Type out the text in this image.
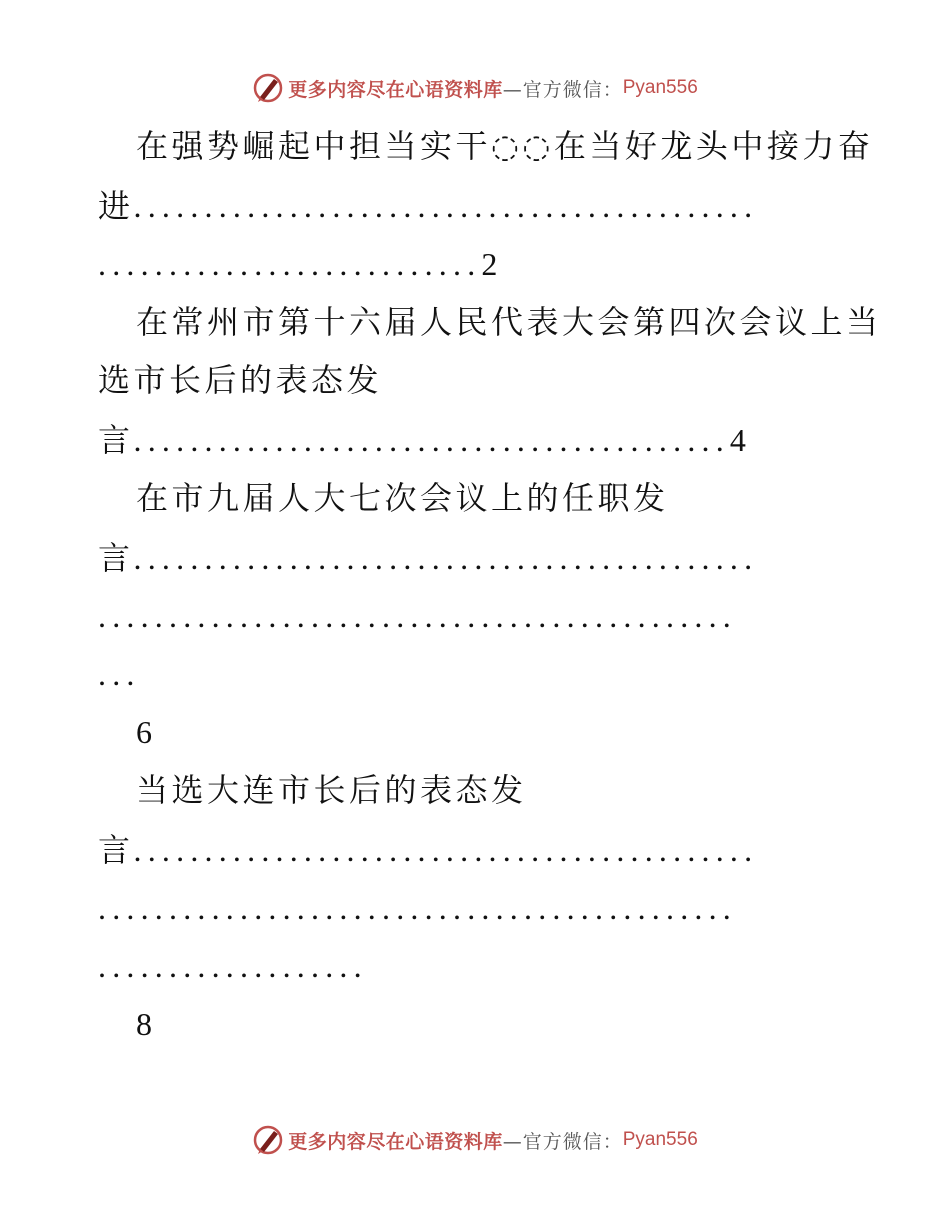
更多内容尽在心语资料库 —官方微信： Pyan556
在强势崛起中担当实干◌◌在当好龙头中接力奋
进............................................
...........................2
在常州市第十六届人民代表大会第四次会议上当
选市长后的表态发
言..........................................4
在市九届人大七次会议上的任职发
言............................................
.............................................
...
6
当选大连市长后的表态发
言............................................
.............................................
...................
8
更多内容尽在心语资料库 —官方微信： Pyan556
